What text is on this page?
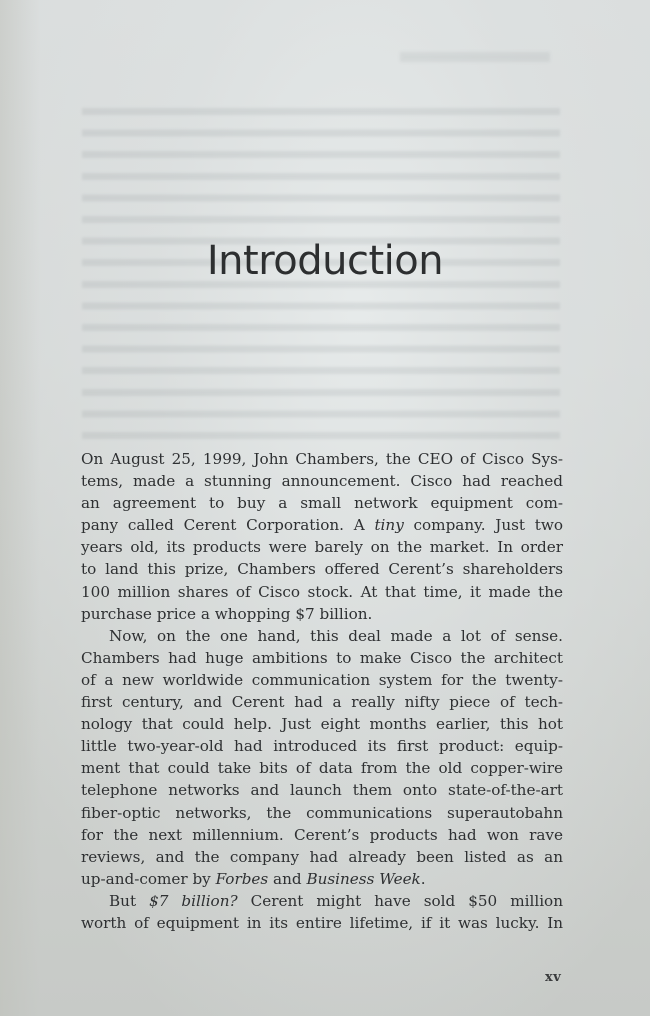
Introduction
On August 25, 1999, John Chambers, the CEO of Cisco Sys-
tems, made a stunning announcement. Cisco had reached
an agreement to buy a small network equipment com-
pany called Cerent Corporation. A tiny company. Just two
years old, its products were barely on the market. In order
to land this prize, Chambers offered Cerent’s shareholders
100 million shares of Cisco stock. At that time, it made the
purchase price a whopping $7 billion.
Now, on the one hand, this deal made a lot of sense.
Chambers had huge ambitions to make Cisco the architect
of a new worldwide communication system for the twenty-
first century, and Cerent had a really nifty piece of tech-
nology that could help. Just eight months earlier, this hot
little two-year-old had introduced its first product: equip-
ment that could take bits of data from the old copper-wire
telephone networks and launch them onto state-of-the-art
fiber-optic networks, the communications superautobahn
for the next millennium. Cerent’s products had won rave
reviews, and the company had already been listed as an
up-and-comer by Forbes and Business Week.
But $7 billion? Cerent might have sold $50 million
worth of equipment in its entire lifetime, if it was lucky. In
xv
